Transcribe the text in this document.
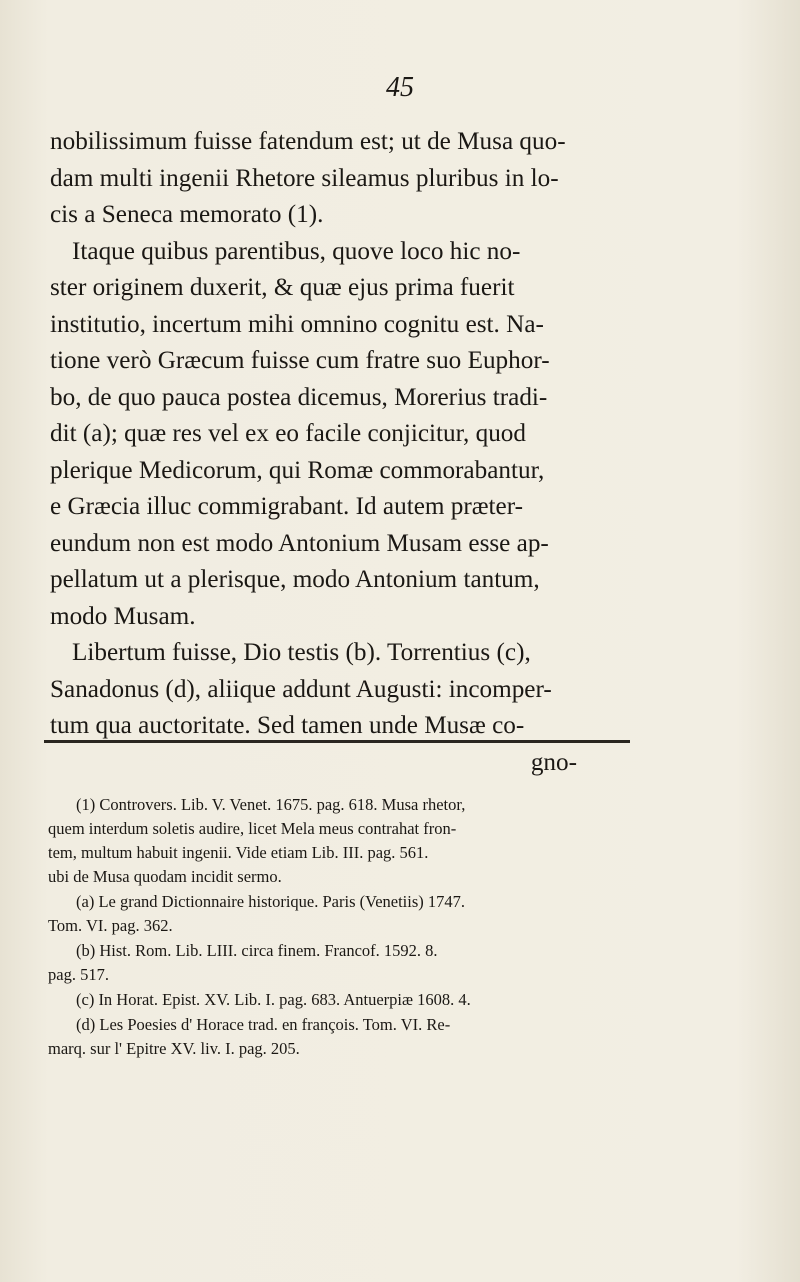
45
nobilissimum fuisse fatendum est; ut de Musa quo-
dam multi ingenii Rhetore sileamus pluribus in lo-
cis a Seneca memorato (1).
Itaque quibus parentibus, quove loco hic no-
ster originem duxerit, & quæ ejus prima fuerit
institutio, incertum mihi omnino cognitu est. Na-
tione verò Græcum fuisse cum fratre suo Euphor-
bo, de quo pauca postea dicemus, Morerius tradi-
dit (a); quæ res vel ex eo facile conjicitur, quod
plerique Medicorum, qui Romæ commorabantur,
e Græcia illuc commigrabant. Id autem præter-
eundum non est modo Antonium Musam esse ap-
pellatum ut a plerisque, modo Antonium tantum,
modo Musam.
Libertum fuisse, Dio testis (b). Torrentius (c),
Sanadonus (d), aliique addunt Augusti: incomper-
tum qua auctoritate. Sed tamen unde Musæ co-
gno-
(1) Controvers. Lib. V. Venet. 1675. pag. 618. Musa rhetor,
quem interdum soletis audire, licet Mela meus contrahat fron-
tem, multum habuit ingenii. Vide etiam Lib. III. pag. 561.
ubi de Musa quodam incidit sermo.
(a) Le grand Dictionnaire historique. Paris (Venetiis) 1747.
Tom. VI. pag. 362.
(b) Hist. Rom. Lib. LIII. circa finem. Francof. 1592. 8.
pag. 517.
(c) In Horat. Epist. XV. Lib. I. pag. 683. Antuerpiæ 1608. 4.
(d) Les Poesies d' Horace trad. en françois. Tom. VI. Re-
marq. sur l' Epitre XV. liv. I. pag. 205.
